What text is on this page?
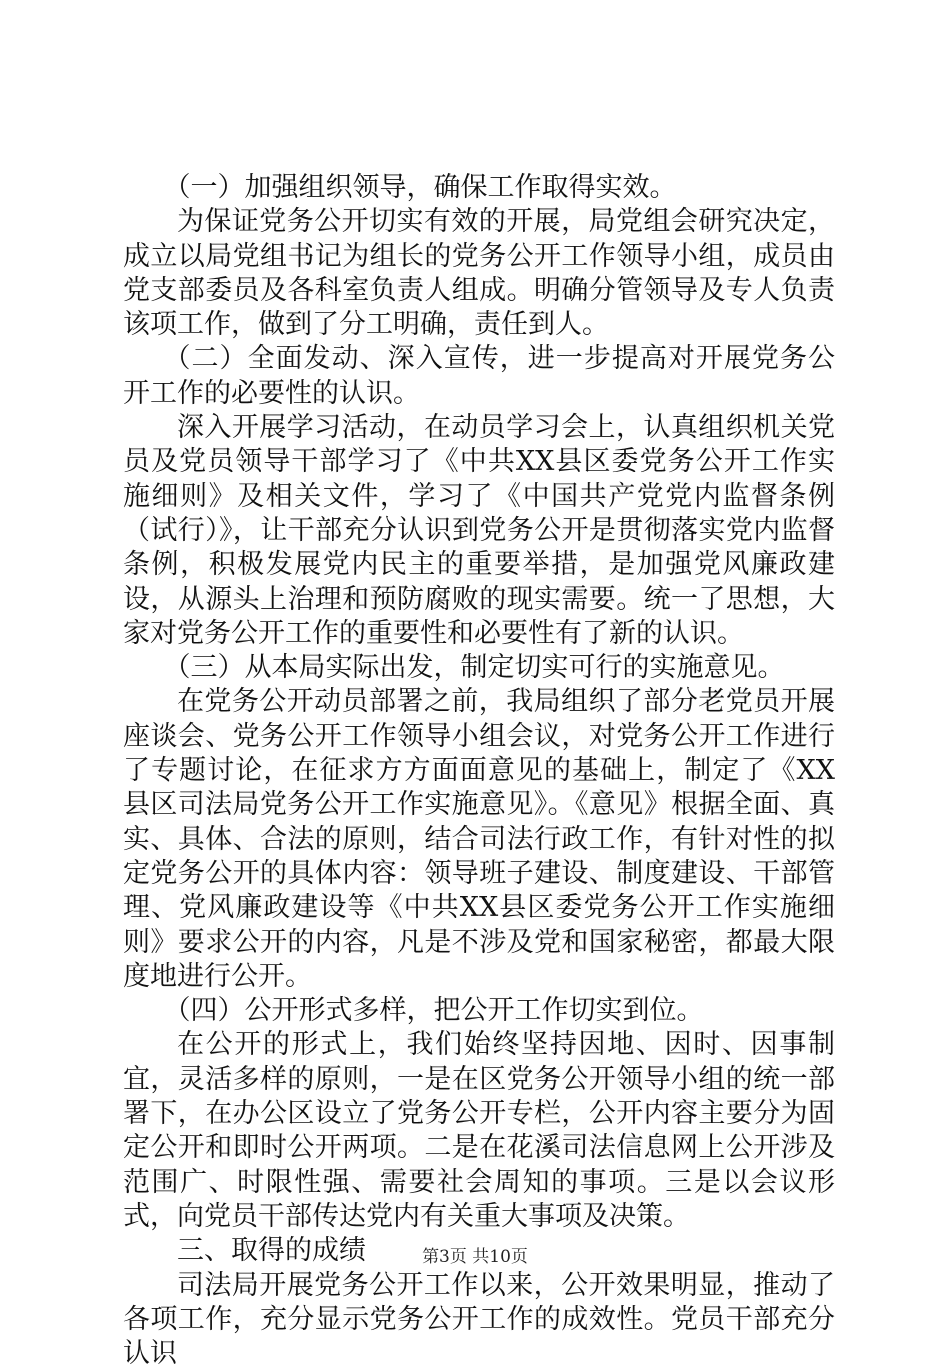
（一）加强组织领导，确保工作取得实效。

为保证党务公开切实有效的开展，局党组会研究决定，成立以局党组书记为组长的党务公开工作领导小组，成员由党支部委员及各科室负责人组成。明确分管领导及专人负责该项工作，做到了分工明确，责任到人。

（二）全面发动、深入宣传，进一步提高对开展党务公开工作的必要性的认识。

深入开展学习活动，在动员学习会上，认真组织机关党员及党员领导干部学习了《中共XX县区委党务公开工作实施细则》及相关文件，学习了《中国共产党党内监督条例（试行）》，让干部充分认识到党务公开是贯彻落实党内监督条例，积极发展党内民主的重要举措，是加强党风廉政建设，从源头上治理和预防腐败的现实需要。统一了思想，大家对党务公开工作的重要性和必要性有了新的认识。

（三）从本局实际出发，制定切实可行的实施意见。

在党务公开动员部署之前，我局组织了部分老党员开展座谈会、党务公开工作领导小组会议，对党务公开工作进行了专题讨论，在征求方方面面意见的基础上，制定了《XX县区司法局党务公开工作实施意见》。《意见》根据全面、真实、具体、合法的原则，结合司法行政工作，有针对性的拟定党务公开的具体内容：领导班子建设、制度建设、干部管理、党风廉政建设等《中共XX县区委党务公开工作实施细则》要求公开的内容，凡是不涉及党和国家秘密，都最大限度地进行公开。

（四）公开形式多样，把公开工作切实到位。

在公开的形式上，我们始终坚持因地、因时、因事制宜，灵活多样的原则，一是在区党务公开领导小组的统一部署下，在办公区设立了党务公开专栏，公开内容主要分为固定公开和即时公开两项。二是在花溪司法信息网上公开涉及范围广、时限性强、需要社会周知的事项。三是以会议形式，向党员干部传达党内有关重大事项及决策。

三、取得的成绩

司法局开展党务公开工作以来，公开效果明显，推动了各项工作，充分显示党务公开工作的成效性。党员干部充分认识

第3页 共10页
